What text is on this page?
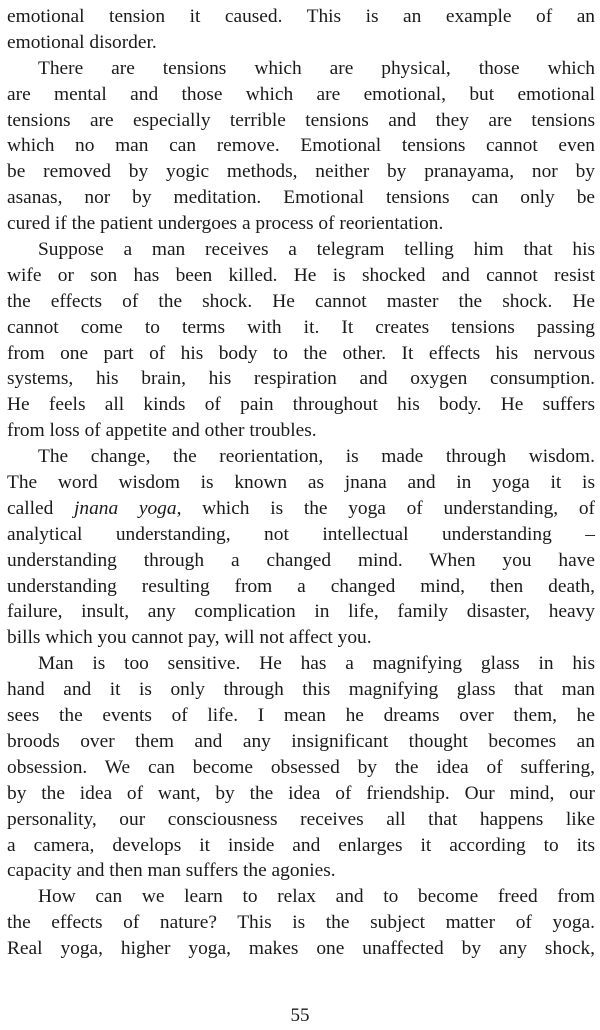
emotional tension it caused. This is an example of an
emotional disorder.
There are tensions which are physical, those which
are mental and those which are emotional, but emotional
tensions are especially terrible tensions and they are tensions
which no man can remove. Emotional tensions cannot even
be removed by yogic methods, neither by pranayama, nor by
asanas, nor by meditation. Emotional tensions can only be
cured if the patient undergoes a process of reorientation.
Suppose a man receives a telegram telling him that his
wife or son has been killed. He is shocked and cannot resist
the effects of the shock. He cannot master the shock. He
cannot come to terms with it. It creates tensions passing
from one part of his body to the other. It effects his nervous
systems, his brain, his respiration and oxygen consumption.
He feels all kinds of pain throughout his body. He suffers
from loss of appetite and other troubles.
The change, the reorientation, is made through wisdom.
The word wisdom is known as jnana and in yoga it is
called jnana yoga, which is the yoga of understanding, of
analytical understanding, not intellectual understanding –
understanding through a changed mind. When you have
understanding resulting from a changed mind, then death,
failure, insult, any complication in life, family disaster, heavy
bills which you cannot pay, will not affect you.
Man is too sensitive. He has a magnifying glass in his
hand and it is only through this magnifying glass that man
sees the events of life. I mean he dreams over them, he
broods over them and any insignificant thought becomes an
obsession. We can become obsessed by the idea of suffering,
by the idea of want, by the idea of friendship. Our mind, our
personality, our consciousness receives all that happens like
a camera, develops it inside and enlarges it according to its
capacity and then man suffers the agonies.
How can we learn to relax and to become freed from
the effects of nature? This is the subject matter of yoga.
Real yoga, higher yoga, makes one unaffected by any shock,
55
